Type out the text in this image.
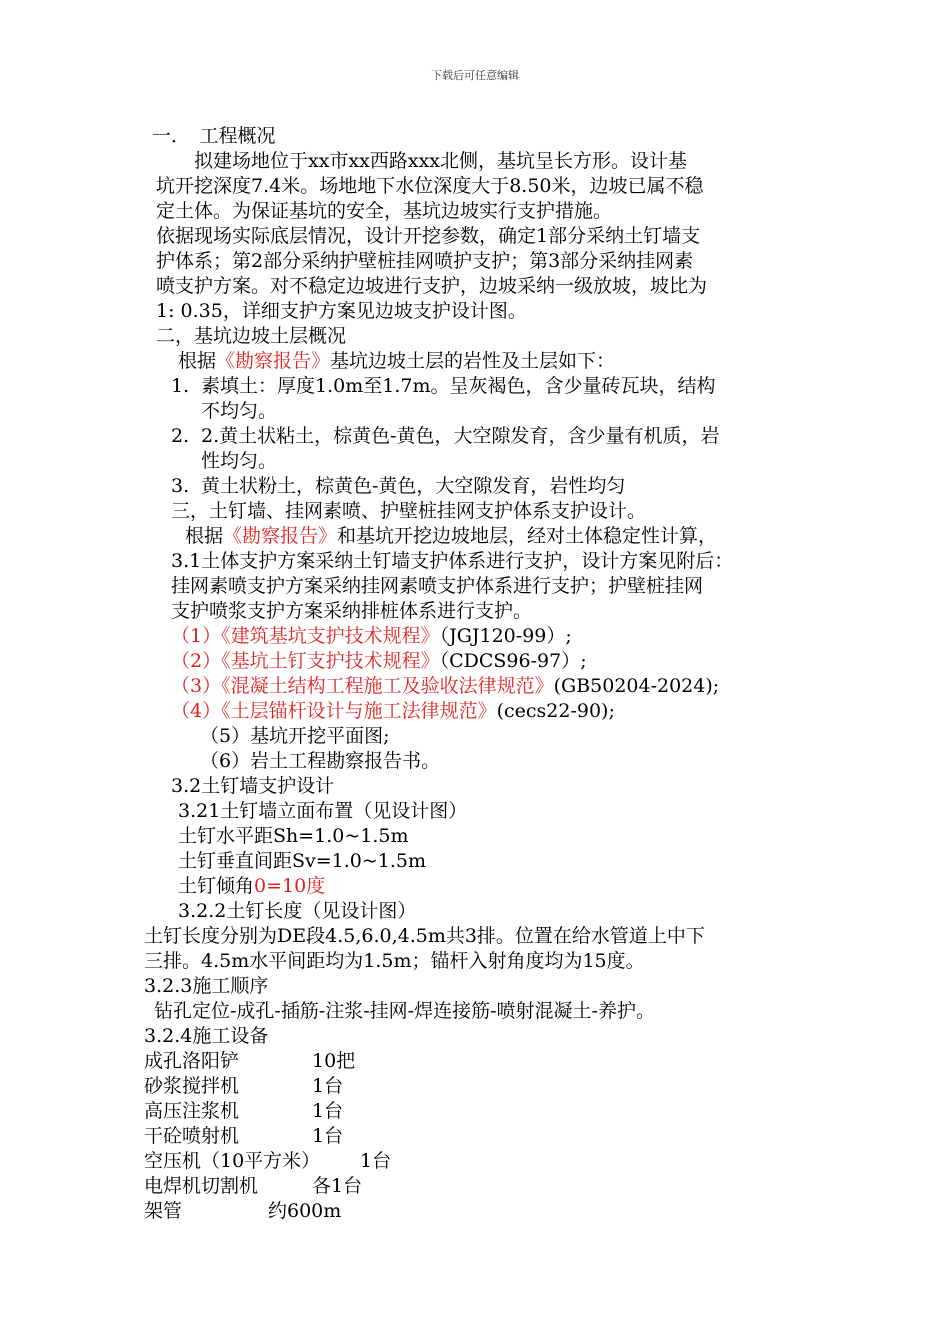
下载后可任意编辑
一．　工程概况
　　拟建场地位于xx市xx西路xxx北侧，基坑呈长方形。设计基
坑开挖深度7.4米。场地地下水位深度大于8.50米，边坡已属不稳
定土体。为保证基坑的安全，基坑边坡实行支护措施。
依据现场实际底层情况，设计开挖参数，确定1部分采纳土钉墙支
护体系；第2部分采纳护壁桩挂网喷护支护；第3部分采纳挂网素
喷支护方案。对不稳定边坡进行支护，边坡采纳一级放坡，坡比为
1: 0.35，详细支护方案见边坡支护设计图。
二，基坑边坡土层概况
根据《勘察报告》基坑边坡土层的岩性及土层如下：
1. 素填土：厚度1.0m至1.7m。呈灰褐色，含少量砖瓦块，结构
不均匀。
2. 2.黄土状粘土，棕黄色-黄色，大空隙发育，含少量有机质，岩
性均匀。
3. 黄土状粉土，棕黄色-黄色，大空隙发育，岩性均匀
三，土钉墙、挂网素喷、护壁桩挂网支护体系支护设计。
根据《勘察报告》和基坑开挖边坡地层，经对土体稳定性计算，
3.1土体支护方案采纳土钉墙支护体系进行支护，设计方案见附后：
挂网素喷支护方案采纳挂网素喷支护体系进行支护；护壁桩挂网
支护喷浆支护方案采纳排桩体系进行支护。
（1）《建筑基坑支护技术规程》（JGJ120-99）;
（2）《基坑土钉支护技术规程》（CDCS96-97）;
（3）《混凝土结构工程施工及验收法律规范》(GB50204-2024);
（4）《土层锚杆设计与施工法律规范》(cecs22-90);
（5）基坑开挖平面图;
（6）岩土工程勘察报告书。
3.2土钉墙支护设计
3.21土钉墙立面布置（见设计图）
土钉水平距Sh=1.0~1.5m
土钉垂直间距Sv=1.0~1.5m
土钉倾角0=10度
3.2.2土钉长度（见设计图）
土钉长度分别为DE段4.5,6.0,4.5m共3排。位置在给水管道上中下
三排。4.5m水平间距均为1.5m；锚杆入射角度均为15度。
3.2.3施工顺序
钻孔定位-成孔-插筋-注浆-挂网-焊连接筋-喷射混凝土-养护。
3.2.4施工设备
成孔洛阳铲	10把
砂浆搅拌机	1台
高压注浆机	1台
干砼喷射机	1台
空压机（10平方米） 1台
电焊机切割机	各1台
架管	约600m
